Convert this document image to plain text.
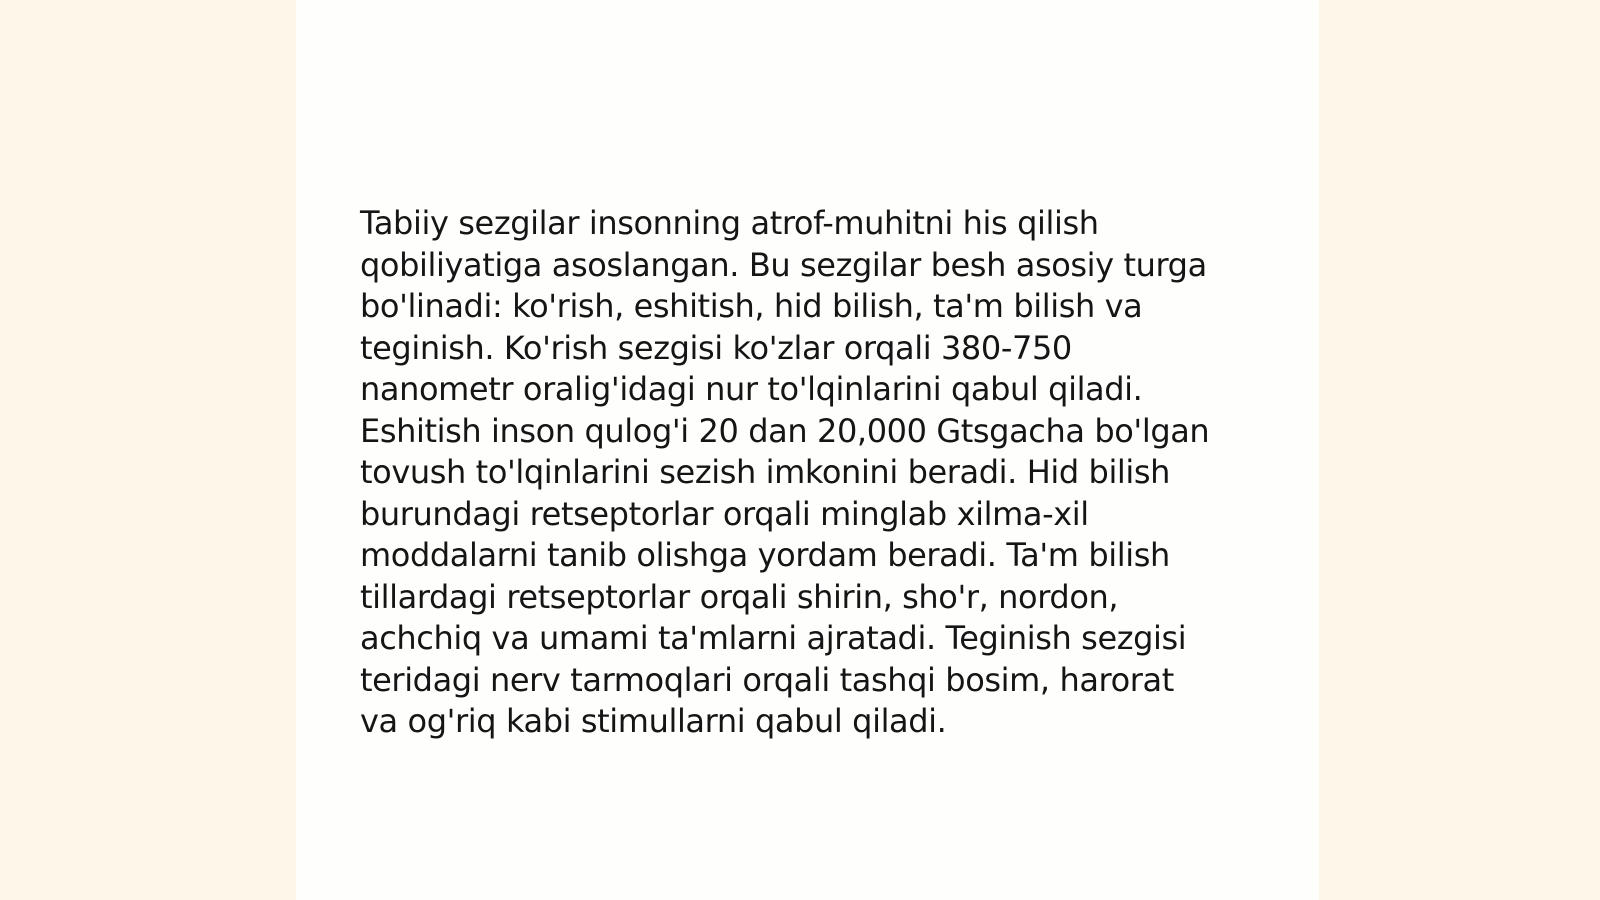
Tabiiy sezgilar insonning atrof-muhitni his qilish
qobiliyatiga asoslangan. Bu sezgilar besh asosiy turga
bo'linadi: ko'rish, eshitish, hid bilish, ta'm bilish va
teginish. Ko'rish sezgisi ko'zlar orqali 380-750
nanometr oralig'idagi nur to'lqinlarini qabul qiladi.
Eshitish inson qulog'i 20 dan 20,000 Gtsgacha bo'lgan
tovush to'lqinlarini sezish imkonini beradi. Hid bilish
burundagi retseptorlar orqali minglab xilma-xil
moddalarni tanib olishga yordam beradi. Ta'm bilish
tillardagi retseptorlar orqali shirin, sho'r, nordon,
achchiq va umami ta'mlarni ajratadi. Teginish sezgisi
teridagi nerv tarmoqlari orqali tashqi bosim, harorat
va og'riq kabi stimullarni qabul qiladi.
